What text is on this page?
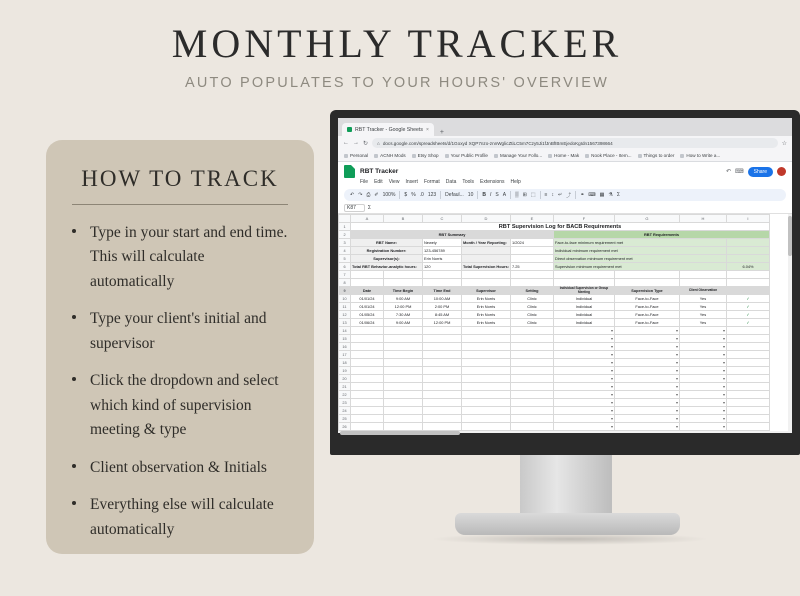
MONTHLY TRACKER
AUTO POPULATES TO YOUR HOURS' OVERVIEW
HOW TO TRACK
Type in your start and end time. This will calculate automatically
Type your client's initial and supervisor
Click the dropdown and select which kind of supervision meeting & type
Client observation & Initials
Everything else will calculate automatically
RBT Tracker - Google Sheets ×	+
← → ↻ ⌂ docs.google.com/spreadsheets/d/1Goxyd XQP7nzo-znnWglicZtiLC5m7Czy5Ji1fJnBfIBmEjedoKgIdn1567398664	☆
Personal	ACNH Mods	Etsy Shop	Your Public Profile	Manage Your Follo...	Home - Mak	Nook Place - Item...	Things to order	How to Write a...
RBT Tracker	↶ ⌨	Share
File Edit View Insert Format Data Tools Extensions Help
↶ ↷ ⎙ ✐ 100% $ % .0 123 Defaul... 10 B I S A ▒ ⊞ ⬚ ≡ ↕ ↵ ⤴ ⚭ ⌨ ▦ ⚗ Σ
K87	Σ
	A	B	C	D	E	F	G	H	I
1	RBT Supervision Log for BACB Requirements								
2	RBT Summary					RBT Requirements			
3	RBT Name:		Newely	Month / Year Reporting:	1/2024	Face-to-face minimum requirement met			
4	Registration Number:		123-456789			Individual minimum requirement met			
5	Supervisor(s):		Erin Norris			Direct observation minimum requirement met			
6	Total RBT Behavior-analytic hours:		120	Total Supervision Hours:	7.25	Supervision minimum requirement met			6.04%
7									
8									
9	Date	Time Begin	Time End	Supervisor	Setting	Individual Supervision or Group Meeting	Supervision Type	Client Observation	
10	01/01/24	9:00 AM	10:00 AM	Erin Norris	Clinic	Individual	Face-to-Face	Yes	✓
11	01/01/24	12:00 PM	2:00 PM	Erin Norris	Clinic	Individual	Face-to-Face	Yes	✓
12	01/05/24	7:30 AM	8:45 AM	Erin Norris	Clinic	Individual	Face-to-Face	Yes	✓
13	01/06/24	9:00 AM	12:00 PM	Erin Norris	Clinic	Individual	Face-to-Face	Yes	✓
14						▾	▾	▾	
15						▾	▾	▾	
16						▾	▾	▾	
17						▾	▾	▾	
18						▾	▾	▾	
19						▾	▾	▾	
20						▾	▾	▾	
21						▾	▾	▾	
22						▾	▾	▾	
23						▾	▾	▾	
24						▾	▾	▾	
25						▾	▾	▾	
26						▾	▾	▾	
